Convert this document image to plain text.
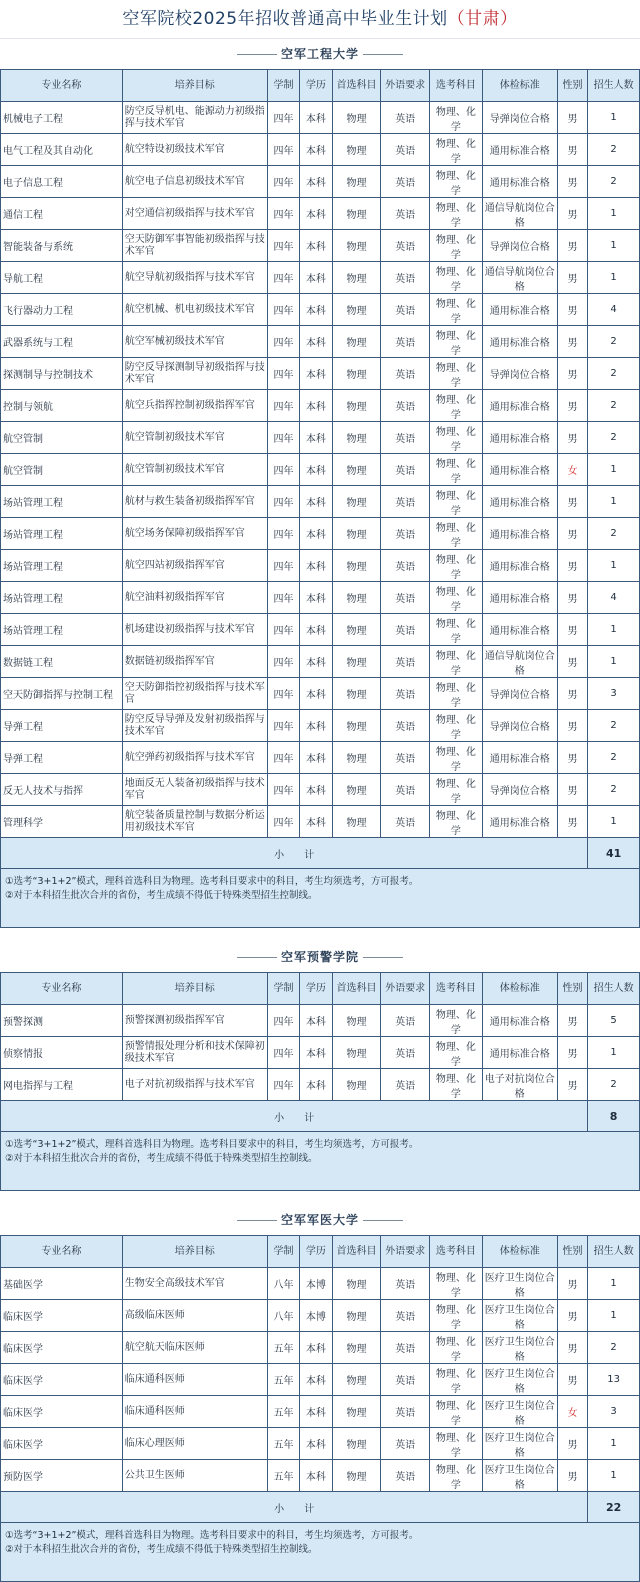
空军院校2025年招收普通高中毕业生计划（甘肃）
空军工程大学
专业名称	培养目标	学制	学历	首选科目	外语要求	选考科目	体检标准	性别	招生人数
机械电子工程	防空反导机电、能源动力初级指挥与技术军官	四年	本科	物理	英语	物理、化学	导弹岗位合格	男	1
电气工程及其自动化	航空特设初级技术军官	四年	本科	物理	英语	物理、化学	通用标准合格	男	2
电子信息工程	航空电子信息初级技术军官	四年	本科	物理	英语	物理、化学	通用标准合格	男	2
通信工程	对空通信初级指挥与技术军官	四年	本科	物理	英语	物理、化学	通信导航岗位合格	男	1
智能装备与系统	空天防御军事智能初级指挥与技术军官	四年	本科	物理	英语	物理、化学	导弹岗位合格	男	1
导航工程	航空导航初级指挥与技术军官	四年	本科	物理	英语	物理、化学	通信导航岗位合格	男	1
飞行器动力工程	航空机械、机电初级技术军官	四年	本科	物理	英语	物理、化学	通用标准合格	男	4
武器系统与工程	航空军械初级技术军官	四年	本科	物理	英语	物理、化学	通用标准合格	男	2
探测制导与控制技术	防空反导探测制导初级指挥与技术军官	四年	本科	物理	英语	物理、化学	导弹岗位合格	男	2
控制与领航	航空兵指挥控制初级指挥军官	四年	本科	物理	英语	物理、化学	通用标准合格	男	2
航空管制	航空管制初级技术军官	四年	本科	物理	英语	物理、化学	通用标准合格	男	2
航空管制	航空管制初级技术军官	四年	本科	物理	英语	物理、化学	通用标准合格	女	1
场站管理工程	航材与救生装备初级指挥军官	四年	本科	物理	英语	物理、化学	通用标准合格	男	1
场站管理工程	航空场务保障初级指挥军官	四年	本科	物理	英语	物理、化学	通用标准合格	男	2
场站管理工程	航空四站初级指挥军官	四年	本科	物理	英语	物理、化学	通用标准合格	男	1
场站管理工程	航空油料初级指挥军官	四年	本科	物理	英语	物理、化学	通用标准合格	男	4
场站管理工程	机场建设初级指挥与技术军官	四年	本科	物理	英语	物理、化学	通用标准合格	男	1
数据链工程	数据链初级指挥军官	四年	本科	物理	英语	物理、化学	通信导航岗位合格	男	1
空天防御指挥与控制工程	空天防御指控初级指挥与技术军官	四年	本科	物理	英语	物理、化学	导弹岗位合格	男	3
导弹工程	防空反导导弹及发射初级指挥与技术军官	四年	本科	物理	英语	物理、化学	导弹岗位合格	男	2
导弹工程	航空弹药初级指挥与技术军官	四年	本科	物理	英语	物理、化学	通用标准合格	男	2
反无人技术与指挥	地面反无人装备初级指挥与技术军官	四年	本科	物理	英语	物理、化学	导弹岗位合格	男	2
管理科学	航空装备质量控制与数据分析运用初级技术军官	四年	本科	物理	英语	物理、化学	通用标准合格	男	1
小　　计									41

①选考“3+1+2”模式，理科首选科目为物理。选考科目要求中的科目，考生均须选考，方可报考。
②对于本科招生批次合并的省份，考生成绩不得低于特殊类型招生控制线。									
空军预警学院
专业名称	培养目标	学制	学历	首选科目	外语要求	选考科目	体检标准	性别	招生人数
预警探测	预警探测初级指挥军官	四年	本科	物理	英语	物理、化学	通用标准合格	男	5
侦察情报	预警情报处理分析和技术保障初级技术军官	四年	本科	物理	英语	物理、化学	通用标准合格	男	1
网电指挥与工程	电子对抗初级指挥与技术军官	四年	本科	物理	英语	物理、化学	电子对抗岗位合格	男	2
小　　计									8

①选考“3+1+2”模式，理科首选科目为物理。选考科目要求中的科目，考生均须选考，方可报考。
②对于本科招生批次合并的省份，考生成绩不得低于特殊类型招生控制线。									
空军军医大学
专业名称	培养目标	学制	学历	首选科目	外语要求	选考科目	体检标准	性别	招生人数
基础医学	生物安全高级技术军官	八年	本博	物理	英语	物理、化学	医疗卫生岗位合格	男	1
临床医学	高级临床医师	八年	本博	物理	英语	物理、化学	医疗卫生岗位合格	男	1
临床医学	航空航天临床医师	五年	本科	物理	英语	物理、化学	医疗卫生岗位合格	男	2
临床医学	临床通科医师	五年	本科	物理	英语	物理、化学	医疗卫生岗位合格	男	13
临床医学	临床通科医师	五年	本科	物理	英语	物理、化学	医疗卫生岗位合格	女	3
临床医学	临床心理医师	五年	本科	物理	英语	物理、化学	医疗卫生岗位合格	男	1
预防医学	公共卫生医师	五年	本科	物理	英语	物理、化学	医疗卫生岗位合格	男	1
小　　计									22

①选考“3+1+2”模式，理科首选科目为物理。选考科目要求中的科目，考生均须选考，方可报考。
②对于本科招生批次合并的省份，考生成绩不得低于特殊类型招生控制线。									
